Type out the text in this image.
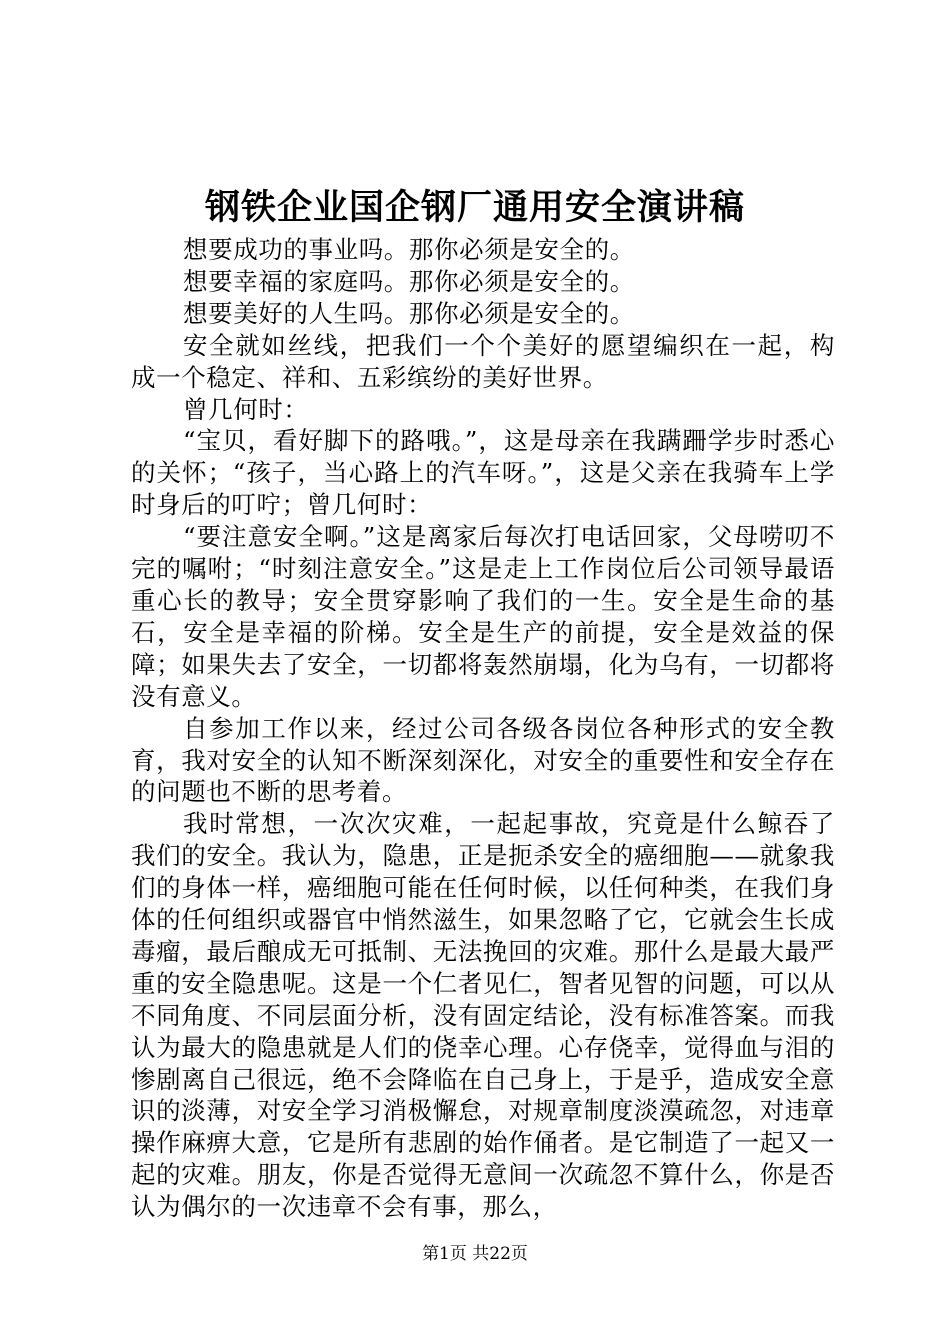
钢铁企业国企钢厂通用安全演讲稿

想要成功的事业吗。那你必须是安全的。

想要幸福的家庭吗。那你必须是安全的。

想要美好的人生吗。那你必须是安全的。

安全就如丝线，把我们一个个美好的愿望编织在一起，构成一个稳定、祥和、五彩缤纷的美好世界。

曾几何时：

“宝贝，看好脚下的路哦。”，这是母亲在我蹒跚学步时悉心的关怀；“孩子，当心路上的汽车呀。”，这是父亲在我骑车上学时身后的叮咛；曾几何时：

“要注意安全啊。”这是离家后每次打电话回家，父母唠叨不完的嘱咐；“时刻注意安全。”这是走上工作岗位后公司领导最语重心长的教导；安全贯穿影响了我们的一生。安全是生命的基石，安全是幸福的阶梯。安全是生产的前提，安全是效益的保障；如果失去了安全，一切都将轰然崩塌，化为乌有，一切都将没有意义。

自参加工作以来，经过公司各级各岗位各种形式的安全教育，我对安全的认知不断深刻深化，对安全的重要性和安全存在的问题也不断的思考着。

我时常想，一次次灾难，一起起事故，究竟是什么鲸吞了我们的安全。我认为，隐患，正是扼杀安全的癌细胞——就象我们的身体一样，癌细胞可能在任何时候，以任何种类，在我们身体的任何组织或器官中悄然滋生，如果忽略了它，它就会生长成毒瘤，最后酿成无可抵制、无法挽回的灾难。那什么是最大最严重的安全隐患呢。这是一个仁者见仁，智者见智的问题，可以从不同角度、不同层面分析，没有固定结论，没有标准答案。而我认为最大的隐患就是人们的侥幸心理。心存侥幸，觉得血与泪的惨剧离自己很远，绝不会降临在自己身上，于是乎，造成安全意识的淡薄，对安全学习消极懈怠，对规章制度淡漠疏忽，对违章操作麻痹大意，它是所有悲剧的始作俑者。是它制造了一起又一起的灾难。朋友，你是否觉得无意间一次疏忽不算什么，你是否认为偶尔的一次违章不会有事，那么，

第1页 共22页
